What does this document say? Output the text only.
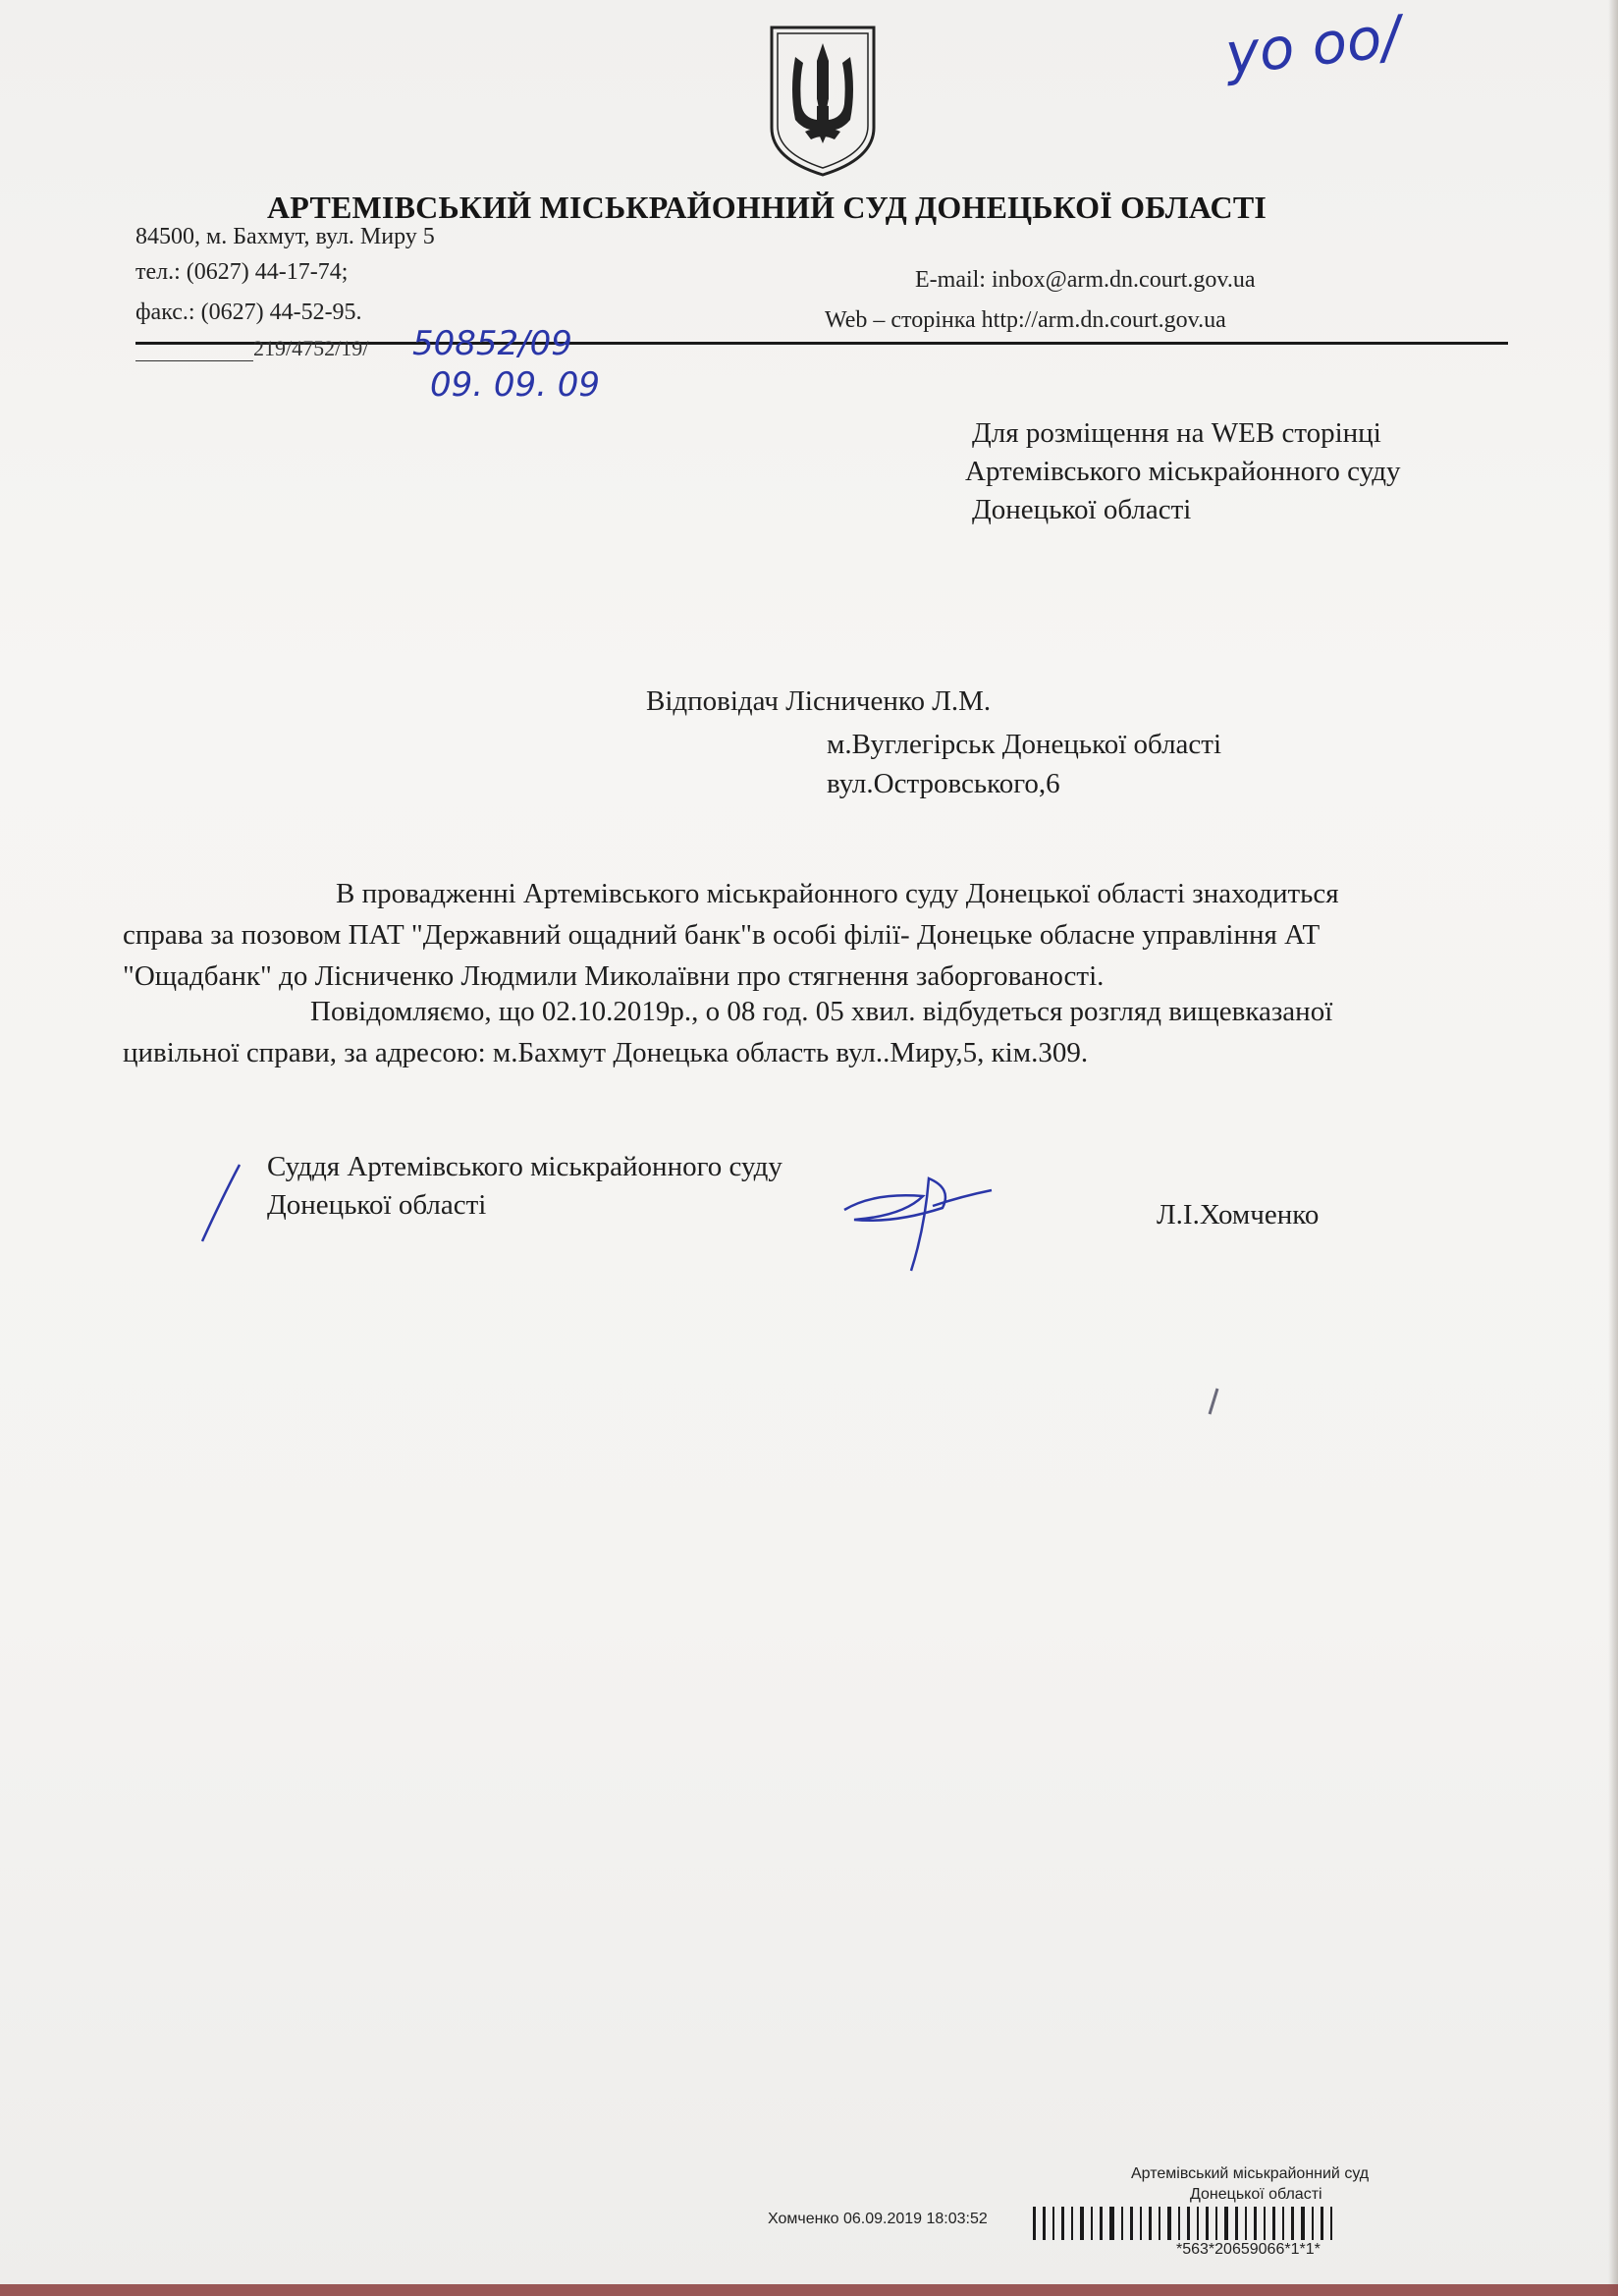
уо оо/
АРТЕМІВСЬКИЙ МІСЬКРАЙОННИЙ СУД ДОНЕЦЬКОЇ ОБЛАСТІ
84500, м. Бахмут, вул. Миру 5
тел.: (0627) 44-17-74;
факс.: (0627) 44-52-95.
E-mail: inbox@arm.dn.court.gov.ua
Web – сторінка http://arm.dn.court.gov.ua
219/4752/19/ 50852/09
09. 09. 09
Для розміщення на WEB сторінці
Артемівського міськрайонного суду
Донецької області
Відповідач Лісниченко Л.М.
м.Вуглегірськ Донецької області
вул.Островського,6
В провадженні Артемівського міськрайонного суду Донецької області знаходиться
справа за позовом ПАТ "Державний ощадний банк"в особі філії- Донецьке обласне управління АТ
"Ощадбанк" до Лісниченко Людмили Миколаївни про стягнення заборгованості.
Повідомляємо, що 02.10.2019р., о 08 год. 05 хвил. відбудеться розгляд вищевказаної
цивільної справи, за адресою: м.Бахмут Донецька область вул..Миру,5, кім.309.
Суддя Артемівського міськрайонного суду
Донецької області	Л.І.Хомченко
Артемівський міськрайонний суд
Донецької області
Хомченко 06.09.2019 18:03:52
*563*20659066*1*1*
